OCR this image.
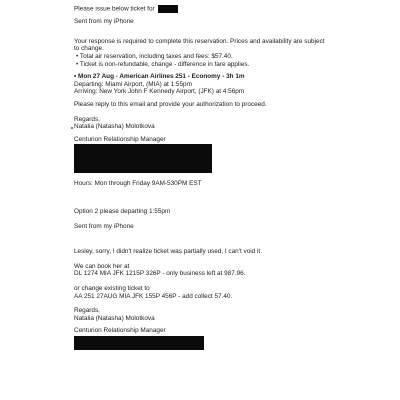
Please issue below ticket for
Sent from my iPhone
Your response is required to complete this reservation. Prices and availability are subject
to change.
• Total air reservation, including taxes and fees: $57.40.
• Ticket is non-refundable, change - difference in fare applies.
• Mon 27 Aug - American Airlines 251 - Economy - 3h 1m
Departing: Miami Airport, (MIA) at 1:55pm
Arriving: New York John F Kennedy Airport, (JFK) at 4:56pm
Please reply to this email and provide your authorization to proceed.
Regards,
Natalia (Natasha) Molotkova
Centurion Relationship Manager
Hours: Mon through Friday 9AM-530PM EST
Option 2 please departing 1:55pm
Sent from my iPhone
Lesley, sorry, I didn't realize ticket was partially used, I can't void it.
We can book her at
DL 1274 MIA JFK 1215P 326P - only business left at 987.96.
or change existing ticket to
AA 251 27AUG MIA JFK 155P 456P - add collect 57.40.
Regards,
Natalia (Natasha) Molotkova
Centurion Relationship Manager
